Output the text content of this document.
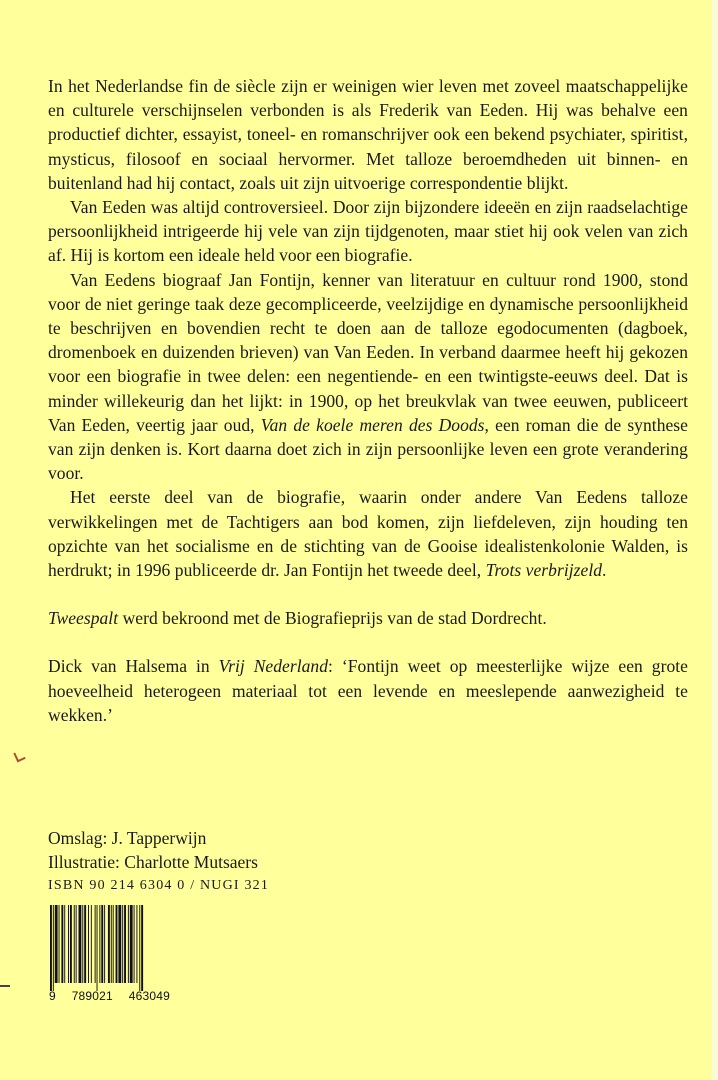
In het Nederlandse fin de siècle zijn er weinigen wier leven met zoveel maatschappelijke en culturele verschijnselen verbonden is als Frederik van Eeden. Hij was behalve een productief dichter, essayist, toneel- en romanschrijver ook een bekend psychiater, spiritist, mysticus, filosoof en sociaal hervormer. Met talloze beroemdheden uit binnen- en buitenland had hij contact, zoals uit zijn uitvoerige correspondentie blijkt.

Van Eeden was altijd controversieel. Door zijn bijzondere ideeën en zijn raadselachtige persoonlijkheid intrigeerde hij vele van zijn tijdgenoten, maar stiet hij ook velen van zich af. Hij is kortom een ideale held voor een biografie.

Van Eedens biograaf Jan Fontijn, kenner van literatuur en cultuur rond 1900, stond voor de niet geringe taak deze gecompliceerde, veelzijdige en dynamische persoonlijkheid te beschrijven en bovendien recht te doen aan de talloze egodocumenten (dagboek, dromenboek en duizenden brieven) van Van Eeden. In verband daarmee heeft hij gekozen voor een biografie in twee delen: een negentiende- en een twintigste-eeuws deel. Dat is minder willekeurig dan het lijkt: in 1900, op het breukvlak van twee eeuwen, publiceert Van Eeden, veertig jaar oud, Van de koele meren des Doods, een roman die de synthese van zijn denken is. Kort daarna doet zich in zijn persoonlijke leven een grote verandering voor.

Het eerste deel van de biografie, waarin onder andere Van Eedens talloze verwikkelingen met de Tachtigers aan bod komen, zijn liefdeleven, zijn houding ten opzichte van het socialisme en de stichting van de Gooise idealistenkolonie Walden, is herdrukt; in 1996 publiceerde dr. Jan Fontijn het tweede deel, Trots verbrijzeld.

Tweespalt werd bekroond met de Biografieprijs van de stad Dordrecht.

Dick van Halsema in Vrij Nederland: ‘Fontijn weet op meesterlijke wijze een grote hoeveelheid heterogeen materiaal tot een levende en meeslepende aanwezigheid te wekken.’

Omslag: J. Tapperwijn
Illustratie: Charlotte Mutsaers
ISBN 90 214 6304 0 / NUGI 321
9 789021 463049
